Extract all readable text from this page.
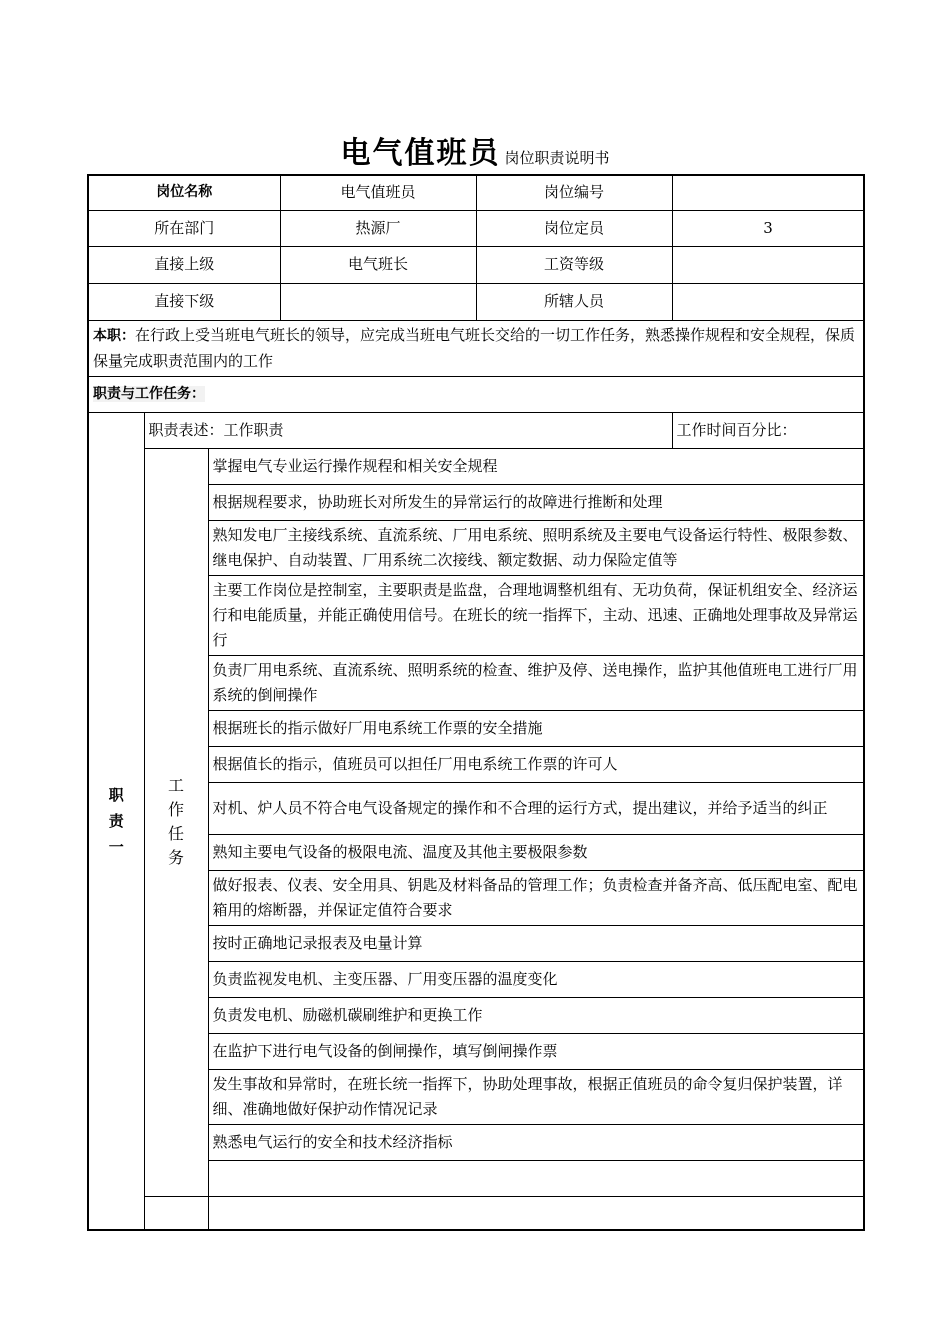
电气值班员 岗位职责说明书
岗位名称			电气值班员	岗位编号		
所在部门			热源厂	岗位定员	3	
直接上级			电气班长	工资等级		
直接下级				所辖人员		
本职：在行政上受当班电气班长的领导，应完成当班电气班长交给的一切工作任务，熟悉操作规程和安全规程，保质保量完成职责范围内的工作						
职责与工作任务：						
职责一	职责表述：工作职责				工作时间百分比：	
	工作任务	掌握电气专业运行操作规程和相关安全规程				
		根据规程要求，协助班长对所发生的异常运行的故障进行推断和处理				
		熟知发电厂主接线系统、直流系统、厂用电系统、照明系统及主要电气设备运行特性、极限参数、继电保护、自动装置、厂用系统二次接线、额定数据、动力保险定值等				
		主要工作岗位是控制室，主要职责是监盘，合理地调整机组有、无功负荷，保证机组安全、经济运行和电能质量，并能正确使用信号。在班长的统一指挥下，主动、迅速、正确地处理事故及异常运行				
		负责厂用电系统、直流系统、照明系统的检查、维护及停、送电操作，监护其他值班电工进行厂用系统的倒闸操作				
		根据班长的指示做好厂用电系统工作票的安全措施				
		根据值长的指示，值班员可以担任厂用电系统工作票的许可人				
		对机、炉人员不符合电气设备规定的操作和不合理的运行方式，提出建议，并给予适当的纠正				
		熟知主要电气设备的极限电流、温度及其他主要极限参数				
		做好报表、仪表、安全用具、钥匙及材料备品的管理工作；负责检查并备齐高、低压配电室、配电箱用的熔断器，并保证定值符合要求				
		按时正确地记录报表及电量计算				
		负责监视发电机、主变压器、厂用变压器的温度变化				
		负责发电机、励磁机碳刷维护和更换工作				
		在监护下进行电气设备的倒闸操作，填写倒闸操作票				
		发生事故和异常时，在班长统一指挥下，协助处理事故，根据正值班员的命令复归保护装置，详细、准确地做好保护动作情况记录				
		熟悉电气运行的安全和技术经济指标				
